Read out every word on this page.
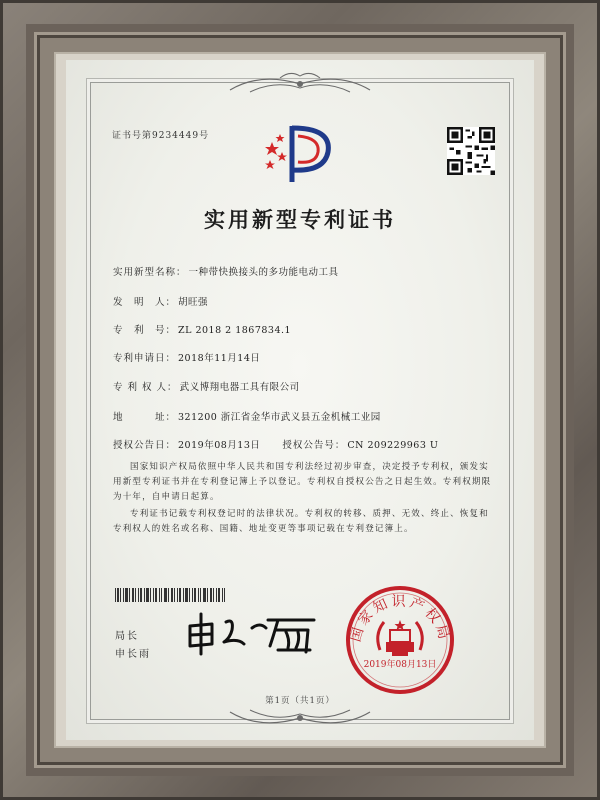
证书号第9234449号
实用新型专利证书
实用新型名称： 一种带快换接头的多功能电动工具
发　明　人： 胡旺强
专　利　号： ZL 2018 2 1867834.1
专利申请日： 2018年11月14日
专 利 权 人： 武义博翔电器工具有限公司
地　　　址： 321200 浙江省金华市武义县五金机械工业园
授权公告日： 2019年08月13日 授权公告号： CN 209229963 U
国家知识产权局依照中华人民共和国专利法经过初步审查，决定授予专利权，颁发实用新型专利证书并在专利登记簿上予以登记。专利权自授权公告之日起生效。专利权期限为十年，自申请日起算。
专利证书记载专利权登记时的法律状况。专利权的转移、质押、无效、终止、恢复和专利权人的姓名或名称、国籍、地址变更等事项记载在专利登记簿上。
局长
申长雨
国家知识产权局
2019年08月13日
第1页（共1页）
